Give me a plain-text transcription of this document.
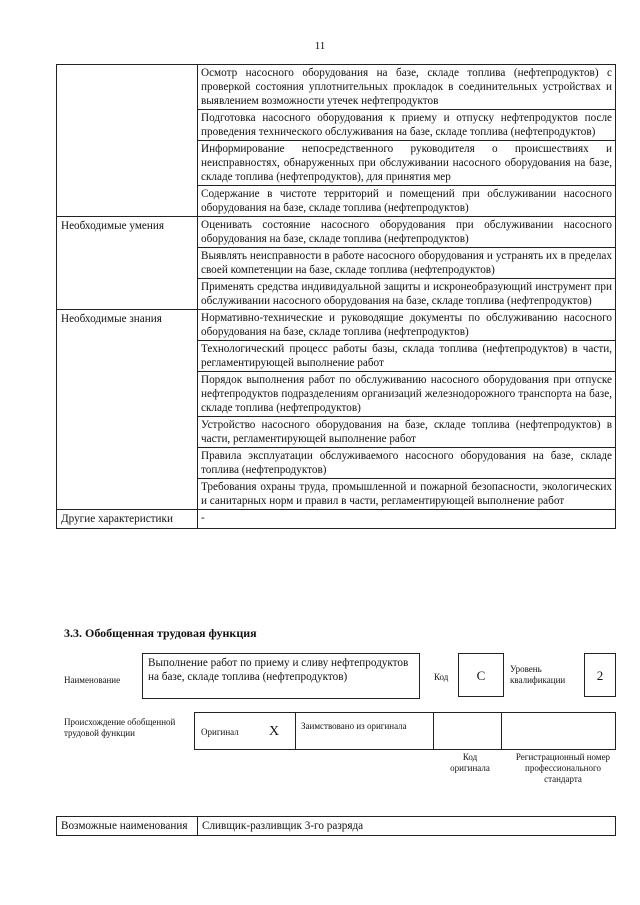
11
	Осмотр насосного оборудования на базе, складе топлива (нефтепродуктов) с проверкой состояния уплотнительных прокладок в соединительных устройствах и выявлением возможности утечек нефтепродуктов
	Подготовка насосного оборудования к приему и отпуску нефтепродуктов после проведения технического обслуживания на базе, складе топлива (нефтепродуктов)
	Информирование непосредственного руководителя о происшествиях и неисправностях, обнаруженных при обслуживании насосного оборудования на базе, складе топлива (нефтепродуктов), для принятия мер
	Содержание в чистоте территорий и помещений при обслуживании насосного оборудования на базе, складе топлива (нефтепродуктов)
Необходимые умения	Оценивать состояние насосного оборудования при обслуживании насосного оборудования на базе, складе топлива (нефтепродуктов)
	Выявлять неисправности в работе насосного оборудования и устранять их в пределах своей компетенции на базе, складе топлива (нефтепродуктов)
	Применять средства индивидуальной защиты и искронеобразующий инструмент при обслуживании насосного оборудования на базе, складе топлива (нефтепродуктов)
Необходимые знания	Нормативно-технические и руководящие документы по обслуживанию насосного оборудования на базе, складе топлива (нефтепродуктов)
	Технологический процесс работы базы, склада топлива (нефтепродуктов) в части, регламентирующей выполнение работ
	Порядок выполнения работ по обслуживанию насосного оборудования при отпуске нефтепродуктов подразделениям организаций железнодорожного транспорта на базе, складе топлива (нефтепродуктов)
	Устройство насосного оборудования на базе, складе топлива (нефтепродуктов) в части, регламентирующей выполнение работ
	Правила эксплуатации обслуживаемого насосного оборудования на базе, складе топлива (нефтепродуктов)
	Требования охраны труда, промышленной и пожарной безопасности, экологических и санитарных норм и правил в части, регламентирующей выполнение работ
Другие характеристики	-
3.3. Обобщенная трудовая функция
Наименование
Выполнение работ по приему и сливу нефтепродуктов на базе, складе топлива (нефтепродуктов)	Код	С	Уровень квалификации	2
Происхождение обобщенной трудовой функции	Оригинал X Заимствовано из оригинала
Код оригинала
Регистрационный номер профессионального стандарта
Возможные наименования	Сливщик-разливщик 3-го разряда
